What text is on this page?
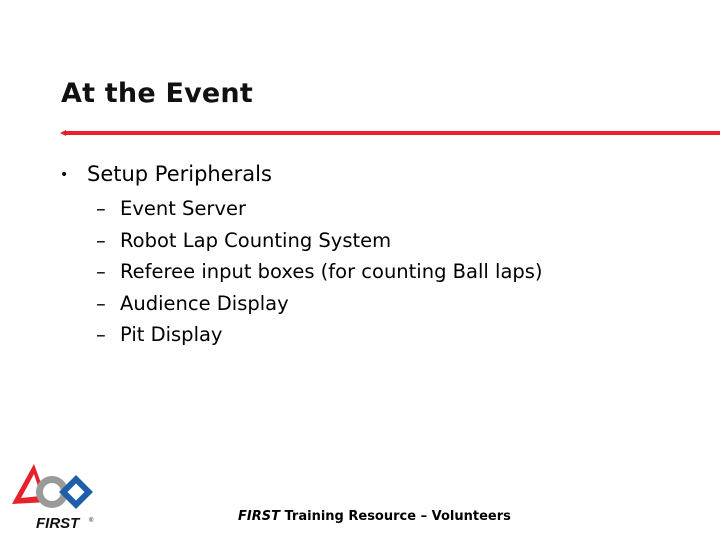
At the Event
• Setup Peripherals
– Event Server
– Robot Lap Counting System
– Referee input boxes (for counting Ball laps)
– Audience Display
– Pit Display
FIRST	®	FIRST Training Resource – Volunteers
